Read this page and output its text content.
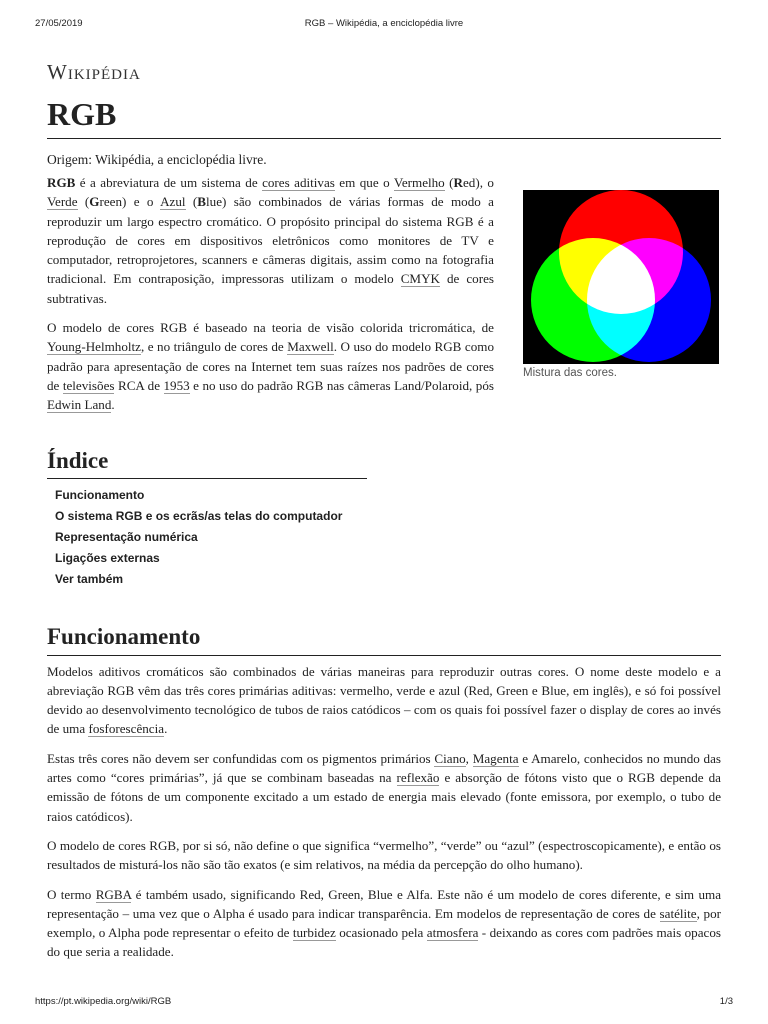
27/05/2019	RGB – Wikipédia, a enciclopédia livre
Wikipédia
RGB
Origem: Wikipédia, a enciclopédia livre.

RGB é a abreviatura de um sistema de cores aditivas em que o Vermelho (Red), o Verde (Green) e o Azul (Blue) são combinados de várias formas de modo a reproduzir um largo espectro cromático. O propósito principal do sistema RGB é a reprodução de cores em dispositivos eletrônicos como monitores de TV e computador, retroprojetores, scanners e câmeras digitais, assim como na fotografia tradicional. Em contraposição, impressoras utilizam o modelo CMYK de cores subtrativas.

O modelo de cores RGB é baseado na teoria de visão colorida tricromática, de Young-Helmholtz, e no triângulo de cores de Maxwell. O uso do modelo RGB como padrão para apresentação de cores na Internet tem suas raízes nos padrões de cores de televisões RCA de 1953 e no uso do padrão RGB nas câmeras Land/Polaroid, pós Edwin Land.

Mistura das cores.
Índice
Funcionamento
O sistema RGB e os ecrãs/as telas do computador
Representação numérica
Ligações externas
Ver também
Funcionamento

Modelos aditivos cromáticos são combinados de várias maneiras para reproduzir outras cores. O nome deste modelo e a abreviação RGB vêm das três cores primárias aditivas: vermelho, verde e azul (Red, Green e Blue, em inglês), e só foi possível devido ao desenvolvimento tecnológico de tubos de raios catódicos – com os quais foi possível fazer o display de cores ao invés de uma fosforescência.

Estas três cores não devem ser confundidas com os pigmentos primários Ciano, Magenta e Amarelo, conhecidos no mundo das artes como “cores primárias”, já que se combinam baseadas na reflexão e absorção de fótons visto que o RGB depende da emissão de fótons de um componente excitado a um estado de energia mais elevado (fonte emissora, por exemplo, o tubo de raios catódicos).

O modelo de cores RGB, por si só, não define o que significa “vermelho”, “verde” ou “azul” (espectroscopicamente), e então os resultados de misturá-los não são tão exatos (e sim relativos, na média da percepção do olho humano).

O termo RGBA é também usado, significando Red, Green, Blue e Alfa. Este não é um modelo de cores diferente, e sim uma representação – uma vez que o Alpha é usado para indicar transparência. Em modelos de representação de cores de satélite, por exemplo, o Alpha pode representar o efeito de turbidez ocasionado pela atmosfera - deixando as cores com padrões mais opacos do que seria a realidade.

https://pt.wikipedia.org/wiki/RGB	1/3
